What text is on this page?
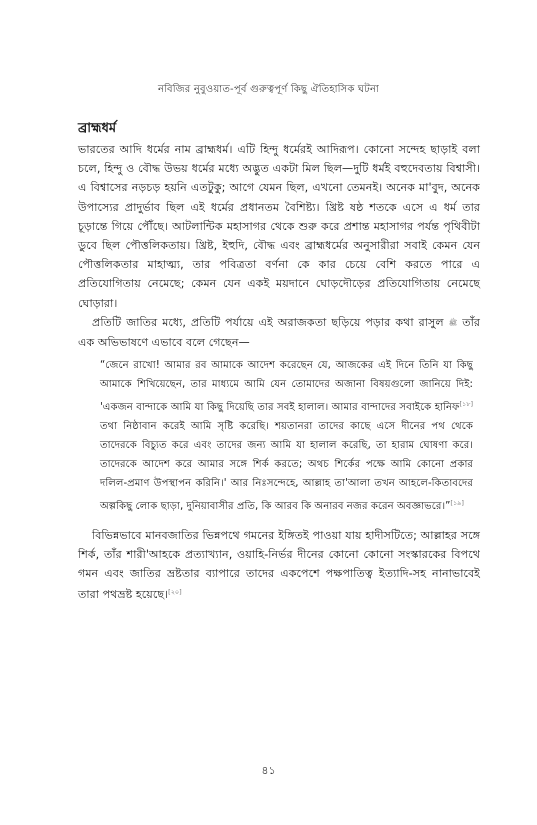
নবিজির নুবুওয়াত-পূর্ব গুরুত্বপূর্ণ কিছু ঐতিহাসিক ঘটনা
ব্রাহ্মধর্ম

ভারতের আদি ধর্মের নাম ব্রাহ্মধর্ম। এটি হিন্দু ধর্মেরই আদিরূপ। কোনো সন্দেহ ছাড়াই বলা চলে, হিন্দু ও বৌদ্ধ উভয় ধর্মের মধ্যে অদ্ভুত একটা মিল ছিল—দুটি ধর্মই বহুদেবতায় বিশ্বাসী। এ বিশ্বাসের নড়চড় হয়নি এতটুকু; আগে যেমন ছিল, এখনো তেমনই। অনেক মা'বুদ, অনেক উপাস্যের প্রাদুর্ভাব ছিল এই ধর্মের প্রধানতম বৈশিষ্ট্য। খ্রিষ্ট ষষ্ঠ শতকে এসে এ ধর্ম তার চূড়ান্তে গিয়ে পৌঁছে। আটলান্টিক মহাসাগর থেকে শুরু করে প্রশান্ত মহাসাগর পর্যন্ত পৃথিবীটা ডুবে ছিল পৌত্তলিকতায়। খ্রিষ্ট, ইহুদি, বৌদ্ধ এবং ব্রাহ্মধর্মের অনুসারীরা সবাই কেমন যেন পৌত্তলিকতার মাহাত্ম্য, তার পবিত্রতা বর্ণনা কে কার চেয়ে বেশি করতে পারে এ প্রতিযোগিতায় নেমেছে; কেমন যেন একই ময়দানে ঘোড়দৌড়ের প্রতিযোগিতায় নেমেছে ঘোড়ারা।

প্রতিটি জাতির মধ্যে, প্রতিটি পর্যায়ে এই অরাজকতা ছড়িয়ে পড়ার কথা রাসুল ﷺ তাঁর এক অভিভাষণে এভাবে বলে গেছেন—

“জেনে রাখো! আমার রব আমাকে আদেশ করেছেন যে, আজকের এই দিনে তিনি যা কিছু আমাকে শিখিয়েছেন, তার মাধ্যমে আমি যেন তোমাদের অজানা বিষয়গুলো জানিয়ে দিই: 'একজন বান্দাকে আমি যা কিছু দিয়েছি তার সবই হালাল। আমার বান্দাদের সবাইকে হানিফ[১৮] তথা নিষ্ঠাবান করেই আমি সৃষ্টি করেছি। শয়তানরা তাদের কাছে এসে দীনের পথ থেকে তাদেরকে বিচ্যুত করে এবং তাদের জন্য আমি যা হালাল করেছি, তা হারাম ঘোষণা করে। তাদেরকে আদেশ করে আমার সঙ্গে শির্ক করতে; অথচ শির্কের পক্ষে আমি কোনো প্রকার দলিল-প্রমাণ উপস্থাপন করিনি।' আর নিঃসন্দেহে, আল্লাহ তা'আলা তখন আহলে-কিতাবদের অল্পকিছু লোক ছাড়া, দুনিয়াবাসীর প্রতি, কি আরব কি অনারব নজর করেন অবজ্ঞাভরে।”[১৯]

বিভিন্নভাবে মানবজাতির ভিন্নপথে গমনের ইঙ্গিতই পাওয়া যায় হাদীসটিতে; আল্লাহর সঙ্গে শির্ক, তাঁর শারী'আহকে প্রত্যাখ্যান, ওয়াহি-নির্ভর দীনের কোনো কোনো সংস্কারকের বিপথে গমন এবং জাতির ভ্রষ্টতার ব্যাপারে তাদের একপেশে পক্ষপাতিত্ব ইত্যাদি-সহ নানাভাবেই তারা পথভ্রষ্ট হয়েছে।[২০]

৪১
